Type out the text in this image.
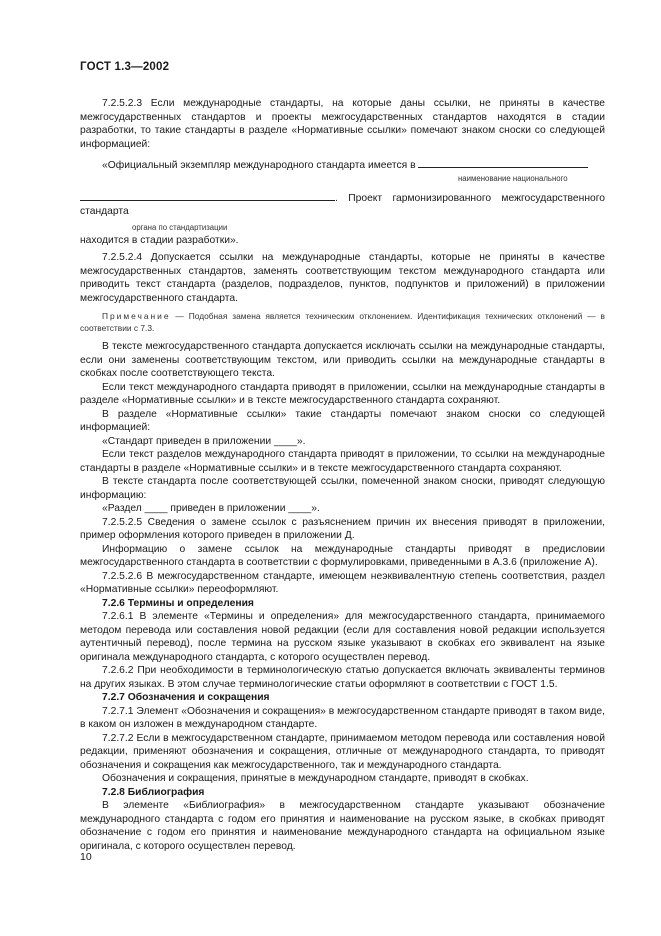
ГОСТ 1.3—2002

7.2.5.2.3 Если международные стандарты, на которые даны ссылки, не приняты в качестве межгосударственных стандартов и проекты межгосударственных стандартов находятся в стадии разработки, то такие стандарты в разделе «Нормативные ссылки» помечают знаком сноски со следующей информацией:

«Официальный экземпляр международного стандарта имеется в

наименование национального

. Проект гармонизированного межгосударственного стандарта

органа по стандартизации

находится в стадии разработки».

7.2.5.2.4 Допускается ссылки на международные стандарты, которые не приняты в качестве межгосударственных стандартов, заменять соответствующим текстом международного стандарта или приводить текст стандарта (разделов, подразделов, пунктов, подпунктов и приложений) в приложении межгосударственного стандарта.

Примечание — Подобная замена является техническим отклонением. Идентификация технических отклонений — в соответствии с 7.3.

В тексте межгосударственного стандарта допускается исключать ссылки на международные стандарты, если они заменены соответствующим текстом, или приводить ссылки на международные стандарты в скобках после соответствующего текста.

Если текст международного стандарта приводят в приложении, ссылки на международные стандарты в разделе «Нормативные ссылки» и в тексте межгосударственного стандарта сохраняют.

В разделе «Нормативные ссылки» такие стандарты помечают знаком сноски со следующей информацией:

«Стандарт приведен в приложении ____».

Если текст разделов международного стандарта приводят в приложении, то ссылки на международные стандарты в разделе «Нормативные ссылки» и в тексте межгосударственного стандарта сохраняют.

В тексте стандарта после соответствующей ссылки, помеченной знаком сноски, приводят следующую информацию:

«Раздел ____ приведен в приложении ____».

7.2.5.2.5 Сведения о замене ссылок с разъяснением причин их внесения приводят в приложении, пример оформления которого приведен в приложении Д.

Информацию о замене ссылок на международные стандарты приводят в предисловии межгосударственного стандарта в соответствии с формулировками, приведенными в А.3.6 (приложение А).

7.2.5.2.6 В межгосударственном стандарте, имеющем неэквивалентную степень соответствия, раздел «Нормативные ссылки» переоформляют.

7.2.6 Термины и определения

7.2.6.1 В элементе «Термины и определения» для межгосударственного стандарта, принимаемого методом перевода или составления новой редакции (если для составления новой редакции используется аутентичный перевод), после термина на русском языке указывают в скобках его эквивалент на языке оригинала международного стандарта, с которого осуществлен перевод.

7.2.6.2 При необходимости в терминологическую статью допускается включать эквиваленты терминов на других языках. В этом случае терминологические статьи оформляют в соответствии с ГОСТ 1.5.

7.2.7 Обозначения и сокращения

7.2.7.1 Элемент «Обозначения и сокращения» в межгосударственном стандарте приводят в таком виде, в каком он изложен в международном стандарте.

7.2.7.2 Если в межгосударственном стандарте, принимаемом методом перевода или составления новой редакции, применяют обозначения и сокращения, отличные от международного стандарта, то приводят обозначения и сокращения как межгосударственного, так и международного стандарта.

Обозначения и сокращения, принятые в международном стандарте, приводят в скобках.

7.2.8 Библиография

В элементе «Библиография» в межгосударственном стандарте указывают обозначение международного стандарта с годом его принятия и наименование на русском языке, в скобках приводят обозначение с годом его принятия и наименование международного стандарта на официальном языке оригинала, с которого осуществлен перевод.

10
